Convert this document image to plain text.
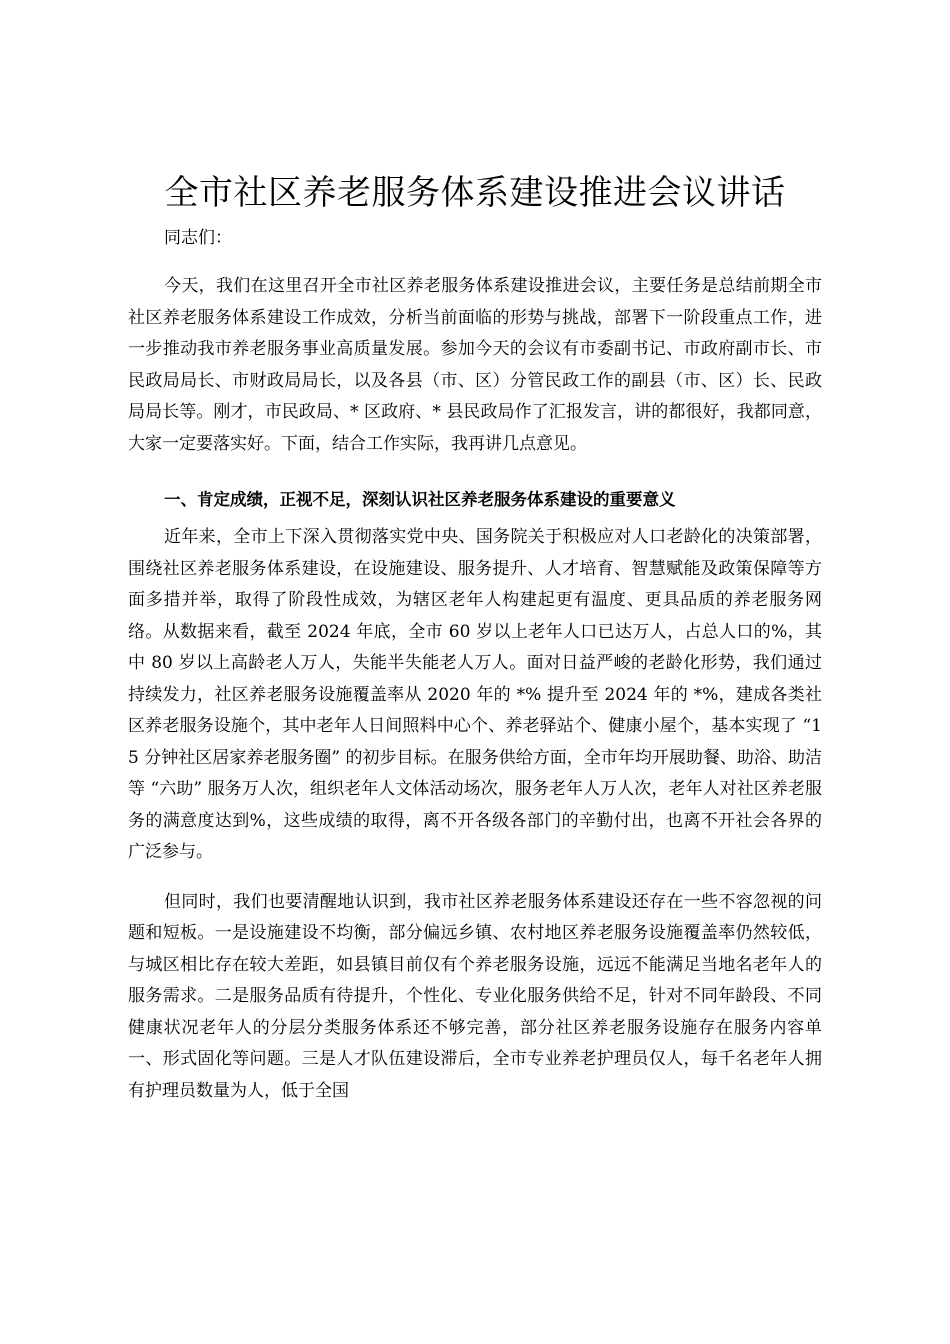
全市社区养老服务体系建设推进会议讲话

同志们：

今天，我们在这里召开全市社区养老服务体系建设推进会议，主要任务是总结前期全市社区养老服务体系建设工作成效，分析当前面临的形势与挑战，部署下一阶段重点工作，进一步推动我市养老服务事业高质量发展。参加今天的会议有市委副书记、市政府副市长、市民政局局长、市财政局局长，以及各县（市、区）分管民政工作的副县（市、区）长、民政局局长等。刚才，市民政局、* 区政府、* 县民政局作了汇报发言，讲的都很好，我都同意，大家一定要落实好。下面，结合工作实际，我再讲几点意见。

一、肯定成绩，正视不足，深刻认识社区养老服务体系建设的重要意义

近年来，全市上下深入贯彻落实党中央、国务院关于积极应对人口老龄化的决策部署，围绕社区养老服务体系建设，在设施建设、服务提升、人才培育、智慧赋能及政策保障等方面多措并举，取得了阶段性成效，为辖区老年人构建起更有温度、更具品质的养老服务网络。从数据来看，截至 2024 年底，全市 60 岁以上老年人口已达万人，占总人口的%，其中 80 岁以上高龄老人万人，失能半失能老人万人。面对日益严峻的老龄化形势，我们通过持续发力，社区养老服务设施覆盖率从 2020 年的 *% 提升至 2024 年的 *%，建成各类社区养老服务设施个，其中老年人日间照料中心个、养老驿站个、健康小屋个，基本实现了 “15 分钟社区居家养老服务圈” 的初步目标。在服务供给方面，全市年均开展助餐、助浴、助洁等 “六助” 服务万人次，组织老年人文体活动场次，服务老年人万人次，老年人对社区养老服务的满意度达到%，这些成绩的取得，离不开各级各部门的辛勤付出，也离不开社会各界的广泛参与。

但同时，我们也要清醒地认识到，我市社区养老服务体系建设还存在一些不容忽视的问题和短板。一是设施建设不均衡，部分偏远乡镇、农村地区养老服务设施覆盖率仍然较低，与城区相比存在较大差距，如县镇目前仅有个养老服务设施，远远不能满足当地名老年人的服务需求。二是服务品质有待提升，个性化、专业化服务供给不足，针对不同年龄段、不同健康状况老年人的分层分类服务体系还不够完善，部分社区养老服务设施存在服务内容单一、形式固化等问题。三是人才队伍建设滞后，全市专业养老护理员仅人，每千名老年人拥有护理员数量为人，低于全国
